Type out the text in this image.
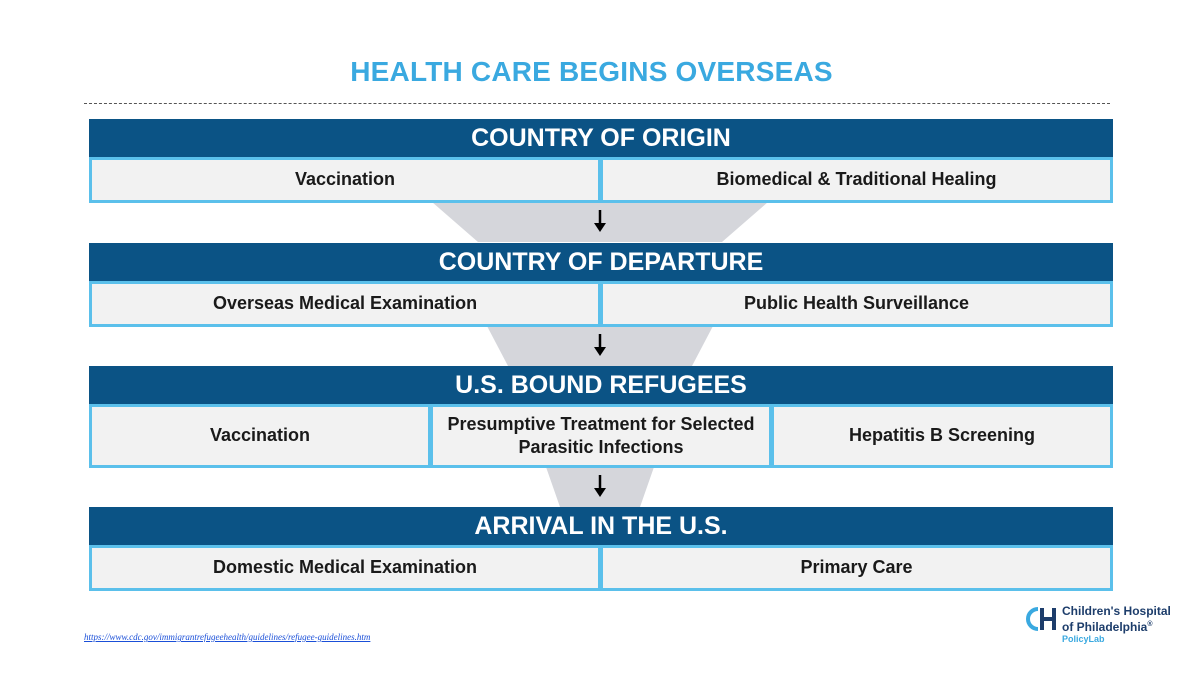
HEALTH CARE BEGINS OVERSEAS
COUNTRY OF ORIGIN
Vaccination	Biomedical & Traditional Healing
COUNTRY OF DEPARTURE
Overseas Medical Examination	Public Health Surveillance
U.S. BOUND REFUGEES
Vaccination
Presumptive Treatment for Selected Parasitic Infections
Hepatitis B Screening
ARRIVAL IN THE U.S.
Domestic Medical Examination	Primary Care
https://www.cdc.gov/immigrantrefugeehealth/guidelines/refugee-guidelines.htm
Children's Hospital
of Philadelphia®
PolicyLab
